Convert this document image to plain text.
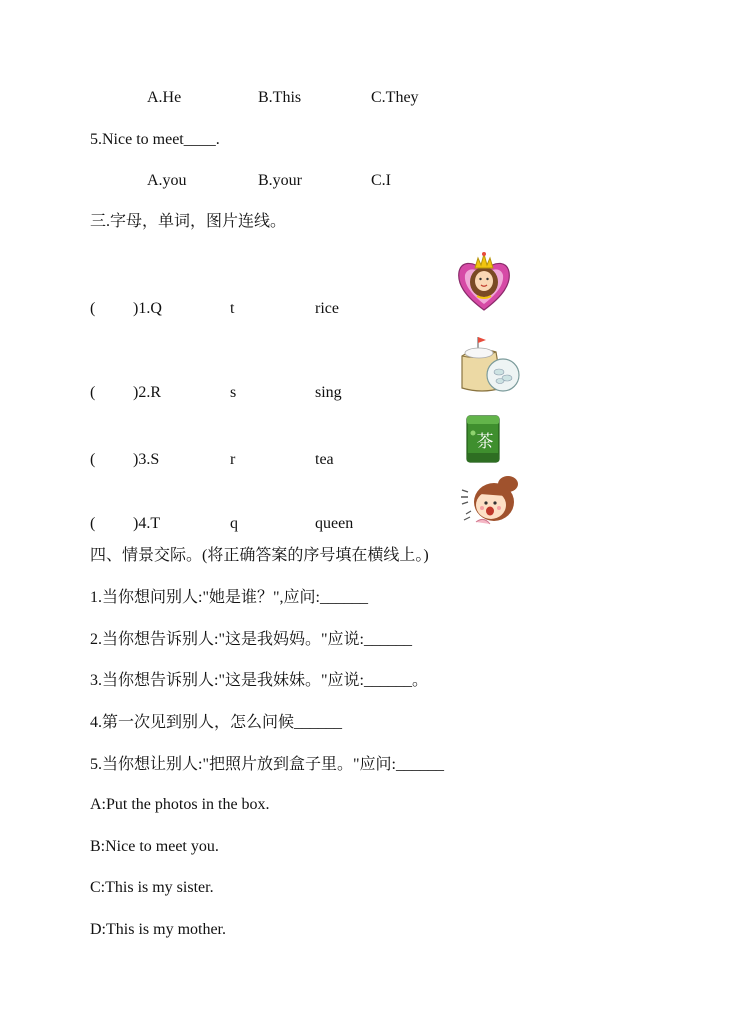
A.He	B.This	C.They
5.Nice to meet____.
A.you	B.your	C.I
三.字母，单词，图片连线。
( )1.Q	t	rice
( )2.R	s	sing
( )3.S	r	tea
( )4.T	q	queen
茶
四、情景交际。(将正确答案的序号填在横线上。)
1.当你想问别人:"她是谁？",应问:______
2.当你想告诉别人:"这是我妈妈。"应说:______
3.当你想告诉别人:"这是我妹妹。"应说:______。
4.第一次见到别人，怎么问候______
5.当你想让别人:"把照片放到盒子里。"应问:______
A:Put the photos in the box.
B:Nice to meet you.
C:This is my sister.
D:This is my mother.
